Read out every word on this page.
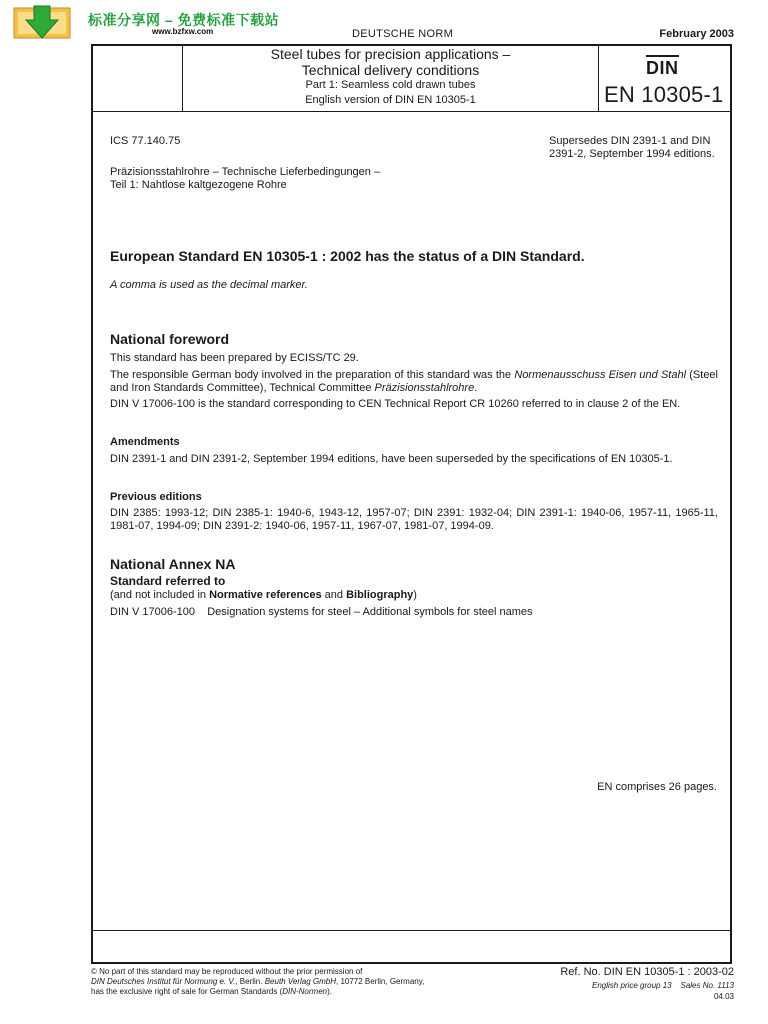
标准分享网 – 免费标准下载站
www.bzfxw.com	DEUTSCHE NORM	February 2003
Steel tubes for precision applications –
Technical delivery conditions
Part 1: Seamless cold drawn tubes
English version of DIN EN 10305-1
DIN
EN 10305-1
ICS 77.140.75	Supersedes DIN 2391-1 and DIN 2391-2, September 1994 editions.
Präzisionsstahlrohre – Technische Lieferbedingungen –
Teil 1: Nahtlose kaltgezogene Rohre
European Standard EN 10305-1 : 2002 has the status of a DIN Standard.
A comma is used as the decimal marker.
National foreword
This standard has been prepared by ECISS/TC 29.
The responsible German body involved in the preparation of this standard was the Normenausschuss Eisen und Stahl (Steel and Iron Standards Committee), Technical Committee Präzisionsstahlrohre.
DIN V 17006-100 is the standard corresponding to CEN Technical Report CR 10260 referred to in clause 2 of the EN.
Amendments
DIN 2391-1 and DIN 2391-2, September 1994 editions, have been superseded by the specifications of EN 10305-1.
Previous editions
DIN 2385: 1993-12; DIN 2385-1: 1940-6, 1943-12, 1957-07; DIN 2391: 1932-04; DIN 2391-1: 1940-06, 1957-11, 1965-11, 1981-07, 1994-09; DIN 2391-2: 1940-06, 1957-11, 1967-07, 1981-07, 1994-09.
National Annex NA
Standard referred to
(and not included in Normative references and Bibliography)
DIN V 17006-100 Designation systems for steel – Additional symbols for steel names
EN comprises 26 pages.
© No part of this standard may be reproduced without the prior permission of
DIN Deutsches Institut für Normung e. V., Berlin. Beuth Verlag GmbH, 10772 Berlin, Germany,
has the exclusive right of sale for German Standards (DIN-Normen).
Ref. No. DIN EN 10305-1 : 2003-02
English price group 13 Sales No. 1113
04.03
